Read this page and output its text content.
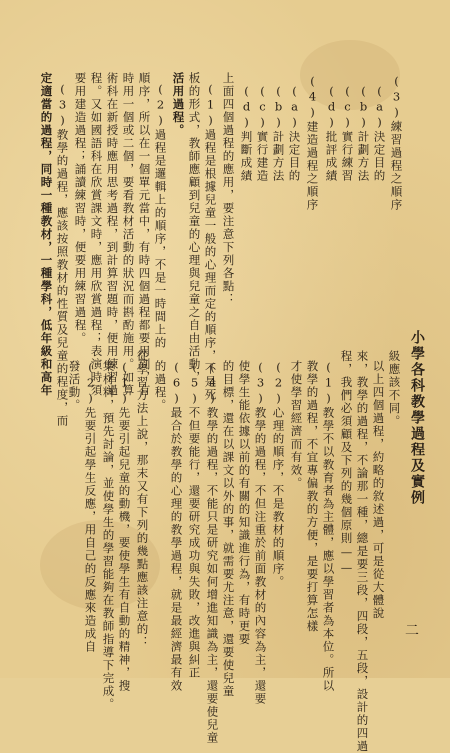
小學各科教學過程及實例
二
(3)練習過程之順序
(a)決定目的
(b)計劃方法
(c)實行練習
(d)批評成績
(4)建造過程之順序
(a)決定目的
(b)計劃方法
(c)實行建造
(d)判斷成績
上面四個過程的應用，要注意下列各點：
(1)過程是根據兒童一般的心理而定的順序，不是死
板的形式，教師應顧到兒童的心理與兒童之自由活動，
活用過程。
(2)過程是邏輯上的順序，不是一時間上的
順序，所以在一個單元當中，有時四個過程都要用到，有
時用一個或二個，要看教材活動的狀況而斟酌施用。如算
術科在新授時應用思考過程，到計算習題時，便用練習過
程。又如國語科在欣賞課文時，應用欣賞過程；表演時須
要用建造過程；誦讀練習時，便要用練習過程。
(3)教學的過程，應該按照教材的性質及兒童的程度，而
定適當的過程，同時一種教材，一種學科，低年級和高年	級應該不同。
以上四個過程，約略的敘述過，可是從大體說
來，教學的過程，不論那一種，總是要三段，四段，五段，設計的四過
程，我們必須顧及下列的幾個原則——
(1)教學不以教育者為主體，應以學習者為本位。所以
教學的過程，不宜專偏教的方便，是要打算怎樣
才使學習經濟而有效。
(2)心理的順序，不是教材的順序。
(3)教學的過程，不但注重於前面教材的內容為主，還要
使學生能依據以前的有關的知識進行為，有時更要
的目標，還在以課文以外的事，就需要尤注意，還要使兒童
(4)教學的過程，不能只是研究如何增進知識為主，還要使兒童
(5)不但要能行，還要研究成功與失敗，改進與糾正
(6)最合於教學的心理的教學過程，就是最經濟最有效
的過程。
從學習方法上說，那末又有下列的幾點應該注意的：
(1)先要引起兒童的動機，要使學生有自動的精神，搜
集材料，預先討論，並使學生的學習能夠在教師指導下完成。
(2)先要引起學生反應，用自己的反應來造成自
發活動。
